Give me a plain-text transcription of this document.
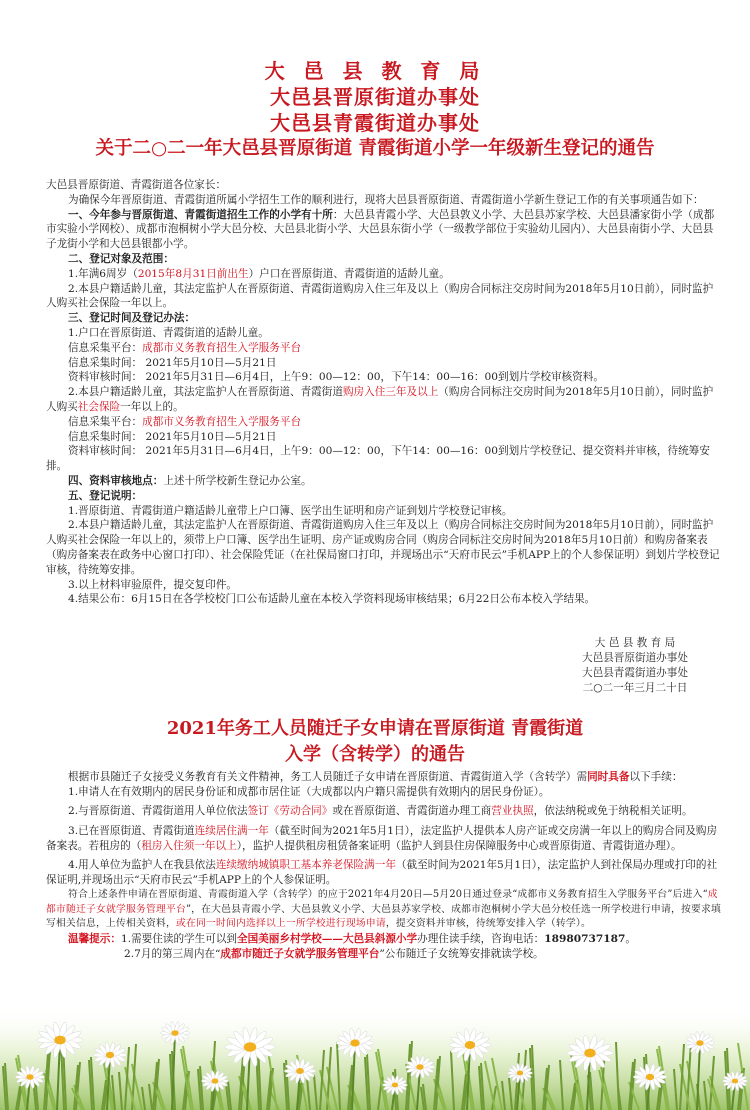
大 邑 县 教 育 局
大邑县晋原街道办事处
大邑县青霞街道办事处
关于二○二一年大邑县晋原街道 青霞街道小学一年级新生登记的通告

大邑县晋原街道、青霞街道各位家长：

为确保今年晋原街道、青霞街道所属小学招生工作的顺利进行，现将大邑县晋原街道、青霞街道小学新生登记工作的有关事项通告如下：

一、今年参与晋原街道、青霞街道招生工作的小学有十所：大邑县青霞小学、大邑县敦义小学、大邑县苏家学校、大邑县潘家街小学（成都市实验小学网校）、成都市泡桐树小学大邑分校、大邑县北街小学、大邑县东街小学（一级教学部位于实验幼儿园内）、大邑县南街小学、大邑县子龙街小学和大邑县银都小学。

二、登记对象及范围：

1.年满6周岁（2015年8月31日前出生）户口在晋原街道、青霞街道的适龄儿童。

2.本县户籍适龄儿童，其法定监护人在晋原街道、青霞街道购房入住三年及以上（购房合同标注交房时间为2018年5月10日前），同时监护人购买社会保险一年以上。

三、登记时间及登记办法：

1.户口在晋原街道、青霞街道的适龄儿童。

信息采集平台：成都市义务教育招生入学服务平台

信息采集时间： 2021年5月10日—5月21日

资料审核时间： 2021年5月31日—6月4日，上午9：00—12：00，下午14：00—16：00到划片学校审核资料。

2.本县户籍适龄儿童，其法定监护人在晋原街道、青霞街道购房入住三年及以上（购房合同标注交房时间为2018年5月10日前），同时监护人购买社会保险一年以上的。

信息采集平台：成都市义务教育招生入学服务平台

信息采集时间： 2021年5月10日—5月21日

资料审核时间： 2021年5月31日—6月4日，上午9：00—12：00，下午14：00—16：00到划片学校登记、提交资料并审核，待统筹安排。

四、资料审核地点：上述十所学校新生登记办公室。

五、登记说明：

1.晋原街道、青霞街道户籍适龄儿童带上户口簿、医学出生证明和房产证到划片学校登记审核。

2.本县户籍适龄儿童，其法定监护人在晋原街道、青霞街道购房入住三年及以上（购房合同标注交房时间为2018年5月10日前），同时监护人购买社会保险一年以上的，须带上户口簿、医学出生证明、房产证或购房合同（购房合同标注交房时间为2018年5月10日前）和购房备案表（购房备案表在政务中心窗口打印）、社会保险凭证（在社保局窗口打印，并现场出示“天府市民云”手机APP上的个人参保证明）到划片学校登记审核，待统筹安排。

3.以上材料审验原件，提交复印件。

4.结果公布：6月15日在各学校校门口公布适龄儿童在本校入学资料现场审核结果；6月22日公布本校入学结果。

大 邑 县 教 育 局
大邑县晋原街道办事处
大邑县青霞街道办事处
二○二一年三月二十日
2021年务工人员随迁子女申请在晋原街道 青霞街道
入学（含转学）的通告

根据市县随迁子女接受义务教育有关文件精神，务工人员随迁子女申请在晋原街道、青霞街道入学（含转学）需同时具备以下手续：

1.申请人在有效期内的居民身份证和成都市居住证（大成都以内户籍只需提供有效期内的居民身份证）。

2.与晋原街道、青霞街道用人单位依法签订《劳动合同》或在晋原街道、青霞街道办理工商营业执照，依法纳税或免于纳税相关证明。

3.已在晋原街道、青霞街道连续居住满一年（截至时间为2021年5月1日），法定监护人提供本人房产证或交房满一年以上的购房合同及购房备案表。若租房的（租房入住须一年以上），监护人提供租房租赁备案证明（监护人到县住房保障服务中心或晋原街道、青霞街道办理）。

4.用人单位为监护人在我县依法连续缴纳城镇职工基本养老保险满一年（截至时间为2021年5月1日），法定监护人到社保局办理或打印的社保证明,并现场出示“天府市民云”手机APP上的个人参保证明。

符合上述条件申请在晋原街道、青霞街道入学（含转学）的应于2021年4月20日—5月20日通过登录“成都市义务教育招生入学服务平台”后进入“成都市随迁子女就学服务管理平台”，在大邑县青霞小学、大邑县敦义小学、大邑县苏家学校、成都市泡桐树小学大邑分校任选一所学校进行申请，按要求填写相关信息，上传相关资料，或在同一时间内选择以上一所学校进行现场申请，提交资料并审核，待统筹安排入学（转学）。

温馨提示：1.需要住读的学生可以到全国美丽乡村学校——大邑县斜源小学办理住读手续，咨询电话：18980737187。

2.7月的第三周内在“成都市随迁子女就学服务管理平台”公布随迁子女统筹安排就读学校。
